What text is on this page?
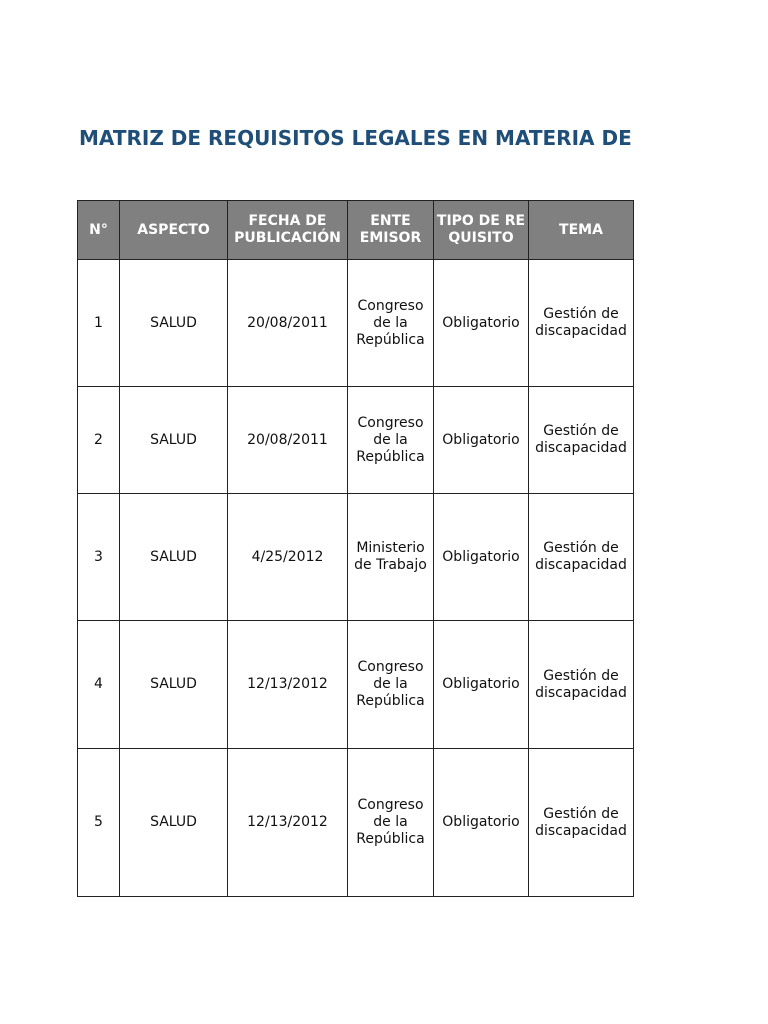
MATRIZ DE REQUISITOS LEGALES EN MATERIA DE
N°	ASPECTO	FECHA DE PUBLICACIÓN	ENTE EMISOR	TIPO DE REQUISITO	TEMA
1	SALUD	20/08/2011	Congreso de la República	Obligatorio	Gestión de discapacidad
2	SALUD	20/08/2011	Congreso de la República	Obligatorio	Gestión de discapacidad
3	SALUD	4/25/2012	Ministerio de Trabajo	Obligatorio	Gestión de discapacidad
4	SALUD	12/13/2012	Congreso de la República	Obligatorio	Gestión de discapacidad
5	SALUD	12/13/2012	Congreso de la República	Obligatorio	Gestión de discapacidad
